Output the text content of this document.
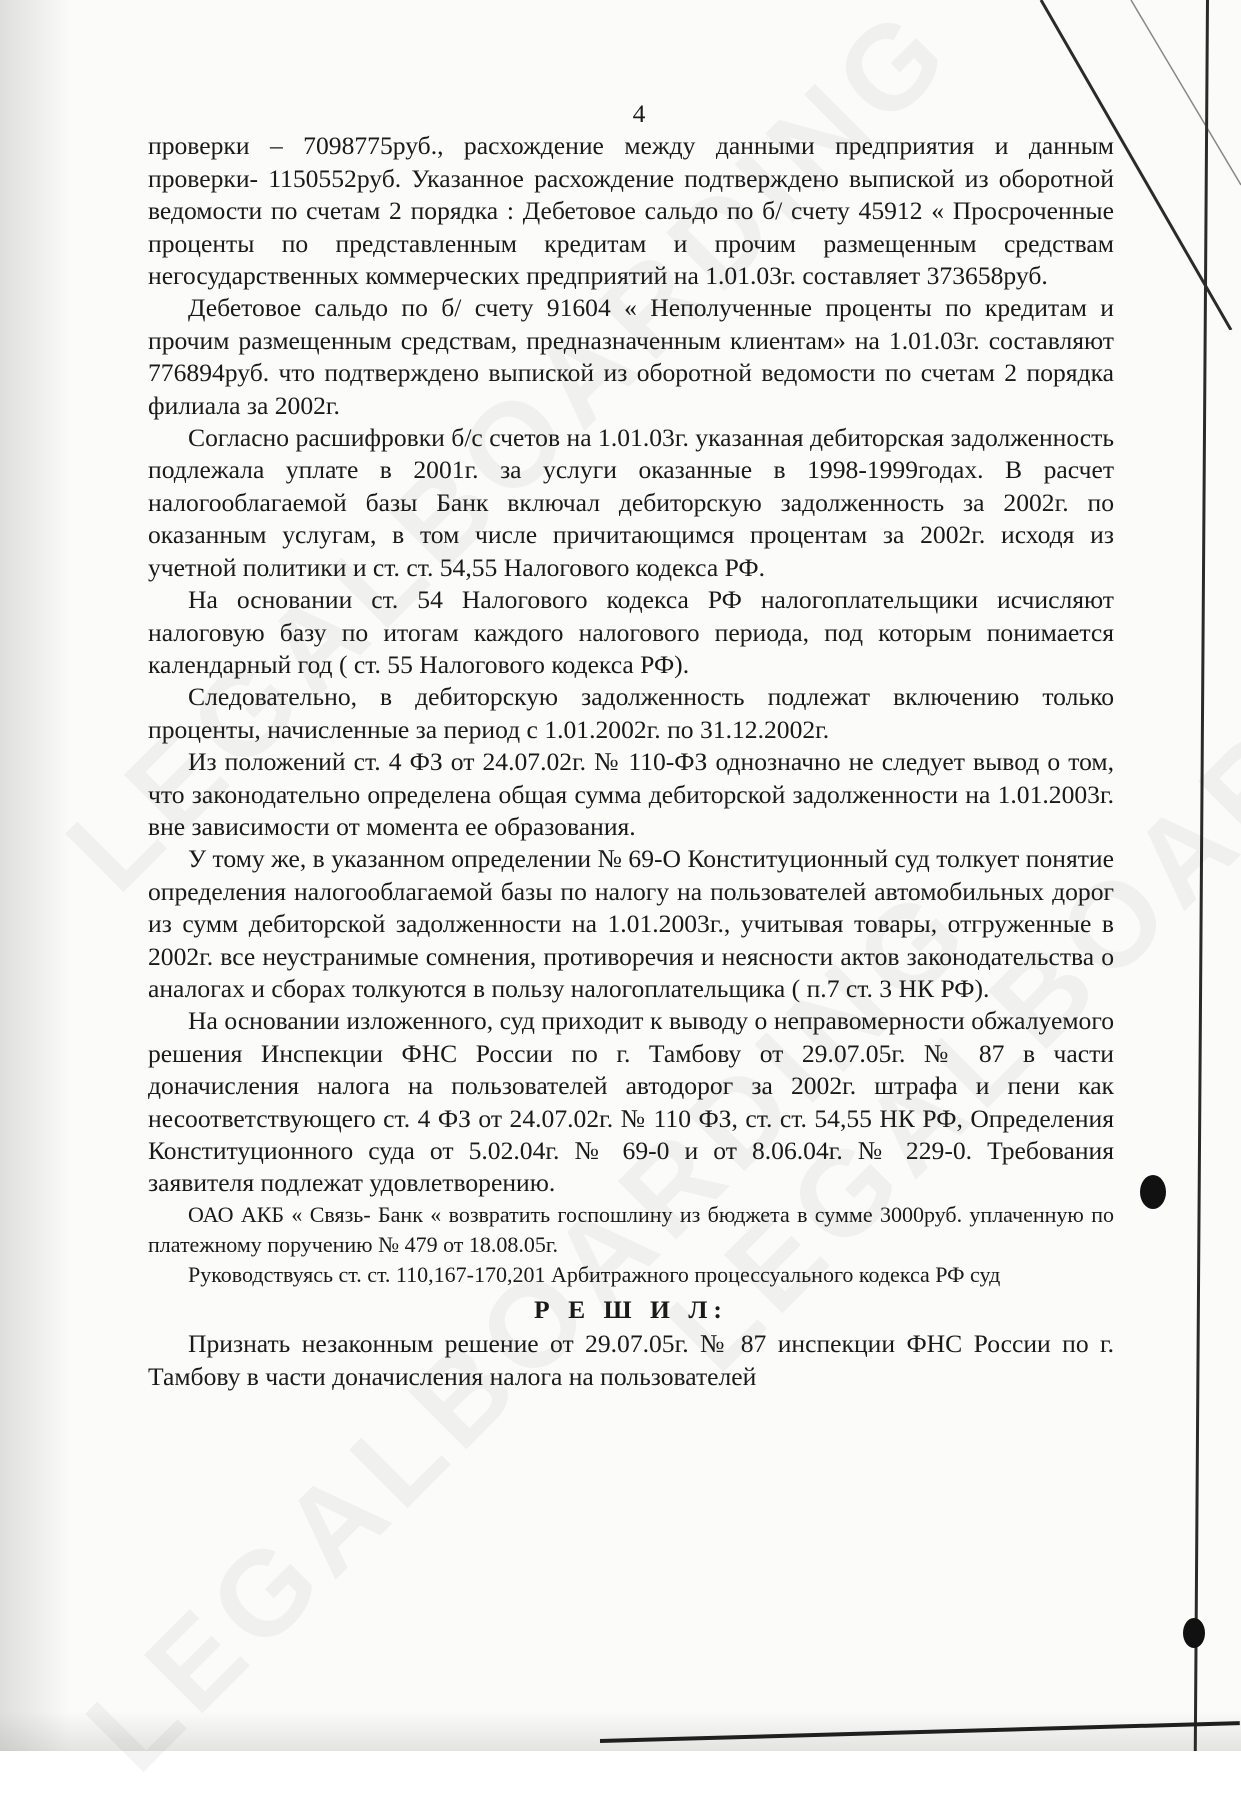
4

проверки – 7098775руб., расхождение между данными предприятия и данным проверки- 1150552руб. Указанное расхождение подтверждено выпиской из оборотной ведомости по счетам 2 порядка : Дебетовое сальдо по б/ счету 45912 « Просроченные проценты по представленным кредитам и прочим размещенным средствам негосударственных коммерческих предприятий на 1.01.03г. составляет 373658руб.

Дебетовое сальдо по б/ счету 91604 « Неполученные проценты по кредитам и прочим размещенным средствам, предназначенным клиентам» на 1.01.03г. составляют 776894руб. что подтверждено выпиской из оборотной ведомости по счетам 2 порядка филиала за 2002г.

Согласно расшифровки б/с счетов на 1.01.03г. указанная дебиторская задолженность подлежала уплате в 2001г. за услуги оказанные в 1998-1999годах. В расчет налогооблагаемой базы Банк включал дебиторскую задолженность за 2002г. по оказанным услугам, в том числе причитающимся процентам за 2002г. исходя из учетной политики и ст. ст. 54,55 Налогового кодекса РФ.

На основании ст. 54 Налогового кодекса РФ налогоплательщики исчисляют налоговую базу по итогам каждого налогового периода, под которым понимается календарный год ( ст. 55 Налогового кодекса РФ).

Следовательно, в дебиторскую задолженность подлежат включению только проценты, начисленные за период с 1.01.2002г. по 31.12.2002г.

Из положений ст. 4 ФЗ от 24.07.02г. № 110-ФЗ однозначно не следует вывод о том, что законодательно определена общая сумма дебиторской задолженности на 1.01.2003г. вне зависимости от момента ее образования.

У тому же, в указанном определении № 69-О Конституционный суд толкует понятие определения налогооблагаемой базы по налогу на пользователей автомобильных дорог из сумм дебиторской задолженности на 1.01.2003г., учитывая товары, отгруженные в 2002г. все неустранимые сомнения, противоречия и неясности актов законодательства о аналогах и сборах толкуются в пользу налогоплательщика ( п.7 ст. 3 НК РФ).

На основании изложенного, суд приходит к выводу о неправомерности обжалуемого решения Инспекции ФНС России по г. Тамбову от 29.07.05г. № 87 в части доначисления налога на пользователей автодорог за 2002г. штрафа и пени как несоответствующего ст. 4 ФЗ от 24.07.02г. № 110 ФЗ, ст. ст. 54,55 НК РФ, Определения Конституционного суда от 5.02.04г. № 69-0 и от 8.06.04г. № 229-0. Требования заявителя подлежат удовлетворению.

ОАО АКБ « Связь- Банк « возвратить госпошлину из бюджета в сумме 3000руб. уплаченную по платежному поручению № 479 от 18.08.05г.

Руководствуясь ст. ст. 110,167-170,201 Арбитражного процессуального кодекса РФ суд

Р Е Ш И Л:

Признать незаконным решение от 29.07.05г. № 87 инспекции ФНС России по г. Тамбову в части доначисления налога на пользователей
